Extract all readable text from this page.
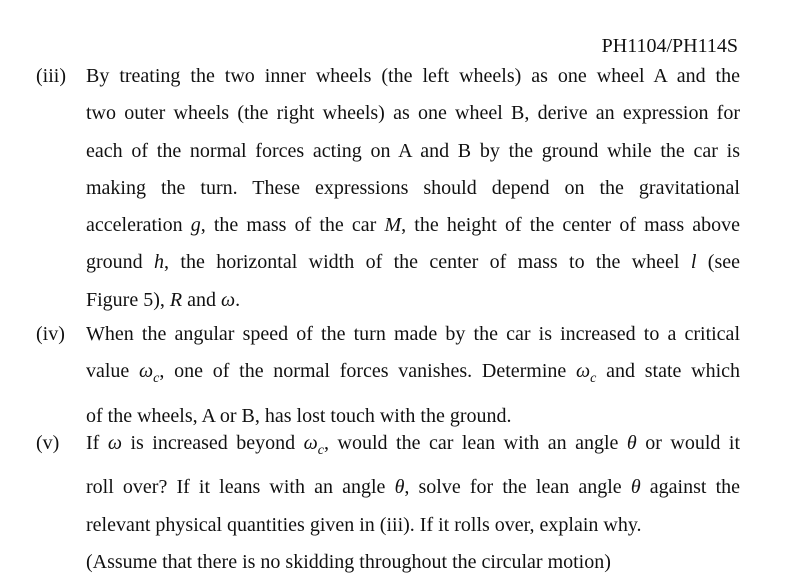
PH1104/PH114S
(iii) By treating the two inner wheels (the left wheels) as one wheel A and the
two outer wheels (the right wheels) as one wheel B, derive an expression for
each of the normal forces acting on A and B by the ground while the car is
making the turn. These expressions should depend on the gravitational
acceleration g, the mass of the car M, the height of the center of mass above
ground h, the horizontal width of the center of mass to the wheel l (see
Figure 5), R and ω.
(iv) When the angular speed of the turn made by the car is increased to a critical
value $\omega_c$, one of the normal forces vanishes. Determine $\omega_c$ and state which
of the wheels, A or B, has lost touch with the ground.
(v) If ω is increased beyond $\omega_c$, would the car lean with an angle θ or would it
roll over? If it leans with an angle θ, solve for the lean angle θ against the
relevant physical quantities given in (iii). If it rolls over, explain why.
(Assume that there is no skidding throughout the circular motion)
